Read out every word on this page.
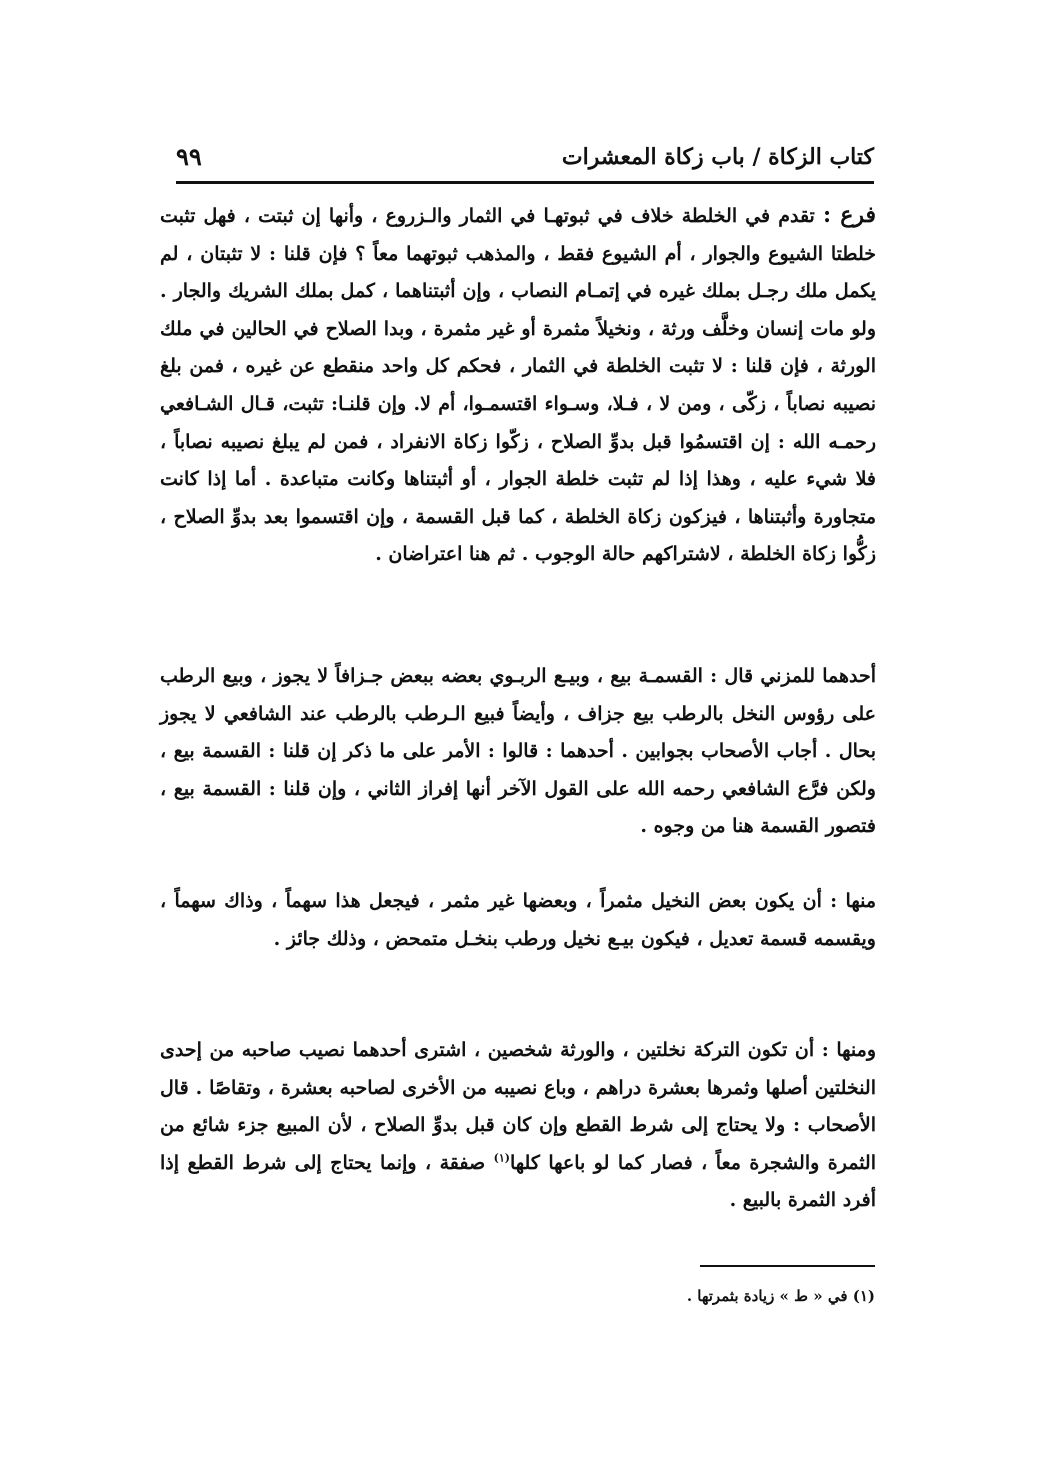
كتاب الزكاة / باب زكاة المعشرات
٩٩
فرع : تقدم في الخلطة خلاف في ثبوتهـا في الثمار والـزروع ، وأنها إن ثبتت ، فهل تثبت خلطتا الشيوع والجوار ، أم الشيوع فقط ، والمذهب ثبوتهما معاً ؟ فإن قلنا : لا تثبتان ، لم يكمل ملك رجـل بملك غيره في إتمـام النصاب ، وإن أثبتناهما ، كمل بملك الشريك والجار . ولو مات إنسان وخلَّف ورثة ، ونخيلاً مثمرة أو غير مثمرة ، وبدا الصلاح في الحالين في ملك الورثة ، فإن قلنا : لا تثبت الخلطة في الثمار ، فحكم كل واحد منقطع عن غيره ، فمن بلغ نصيبه نصاباً ، زكّى ، ومن لا ، فـلا، وسـواء اقتسمـوا، أم لا. وإن قلنـا: تثبت، قـال الشـافعي رحمـه الله : إن اقتسمُوا قبل بدوِّ الصلاح ، زكّوا زكاة الانفراد ، فمن لم يبلغ نصيبه نصاباً ، فلا شيء عليه ، وهذا إذا لم تثبت خلطة الجوار ، أو أثبتناها وكانت متباعدة . أما إذا كانت متجاورة وأثبتناها ، فيزكون زكاة الخلطة ، كما قبل القسمة ، وإن اقتسموا بعد بدوِّ الصلاح ، زكُّوا زكاة الخلطة ، لاشتراكهم حالة الوجوب . ثم هنا اعتراضان .
أحدهما للمزني قال : القسمـة بيع ، وبيـع الربـوي بعضه ببعض جـزافاً لا يجوز ، وبيع الرطب على رؤوس النخل بالرطب بيع جزاف ، وأيضاً فبيع الـرطب بالرطب عند الشافعي لا يجوز بحال . أجاب الأصحاب بجوابين . أحدهما : قالوا : الأمر على ما ذكر إن قلنا : القسمة بيع ، ولكن فرَّع الشافعي رحمه الله على القول الآخر أنها إفراز الثاني ، وإن قلنا : القسمة بيع ، فتصور القسمة هنا من وجوه .
منها : أن يكون بعض النخيل مثمراً ، وبعضها غير مثمر ، فيجعل هذا سهماً ، وذاك سهماً ، ويقسمه قسمة تعديل ، فيكون بيـع نخيل ورطب بنخـل متمحض ، وذلك جائز .
ومنها : أن تكون التركة نخلتين ، والورثة شخصين ، اشترى أحدهما نصيب صاحبه من إحدى النخلتين أصلها وثمرها بعشرة دراهم ، وباع نصيبه من الأخرى لصاحبه بعشرة ، وتقاصًا . قال الأصحاب : ولا يحتاج إلى شرط القطع وإن كان قبل بدوِّ الصلاح ، لأن المبيع جزء شائع من الثمرة والشجرة معاً ، فصار كما لو باعها كلها$^{(١)}$ صفقة ، وإنما يحتاج إلى شرط القطع إذا أفرد الثمرة بالبيع .
(١) في « ط » زيادة بثمرتها .
